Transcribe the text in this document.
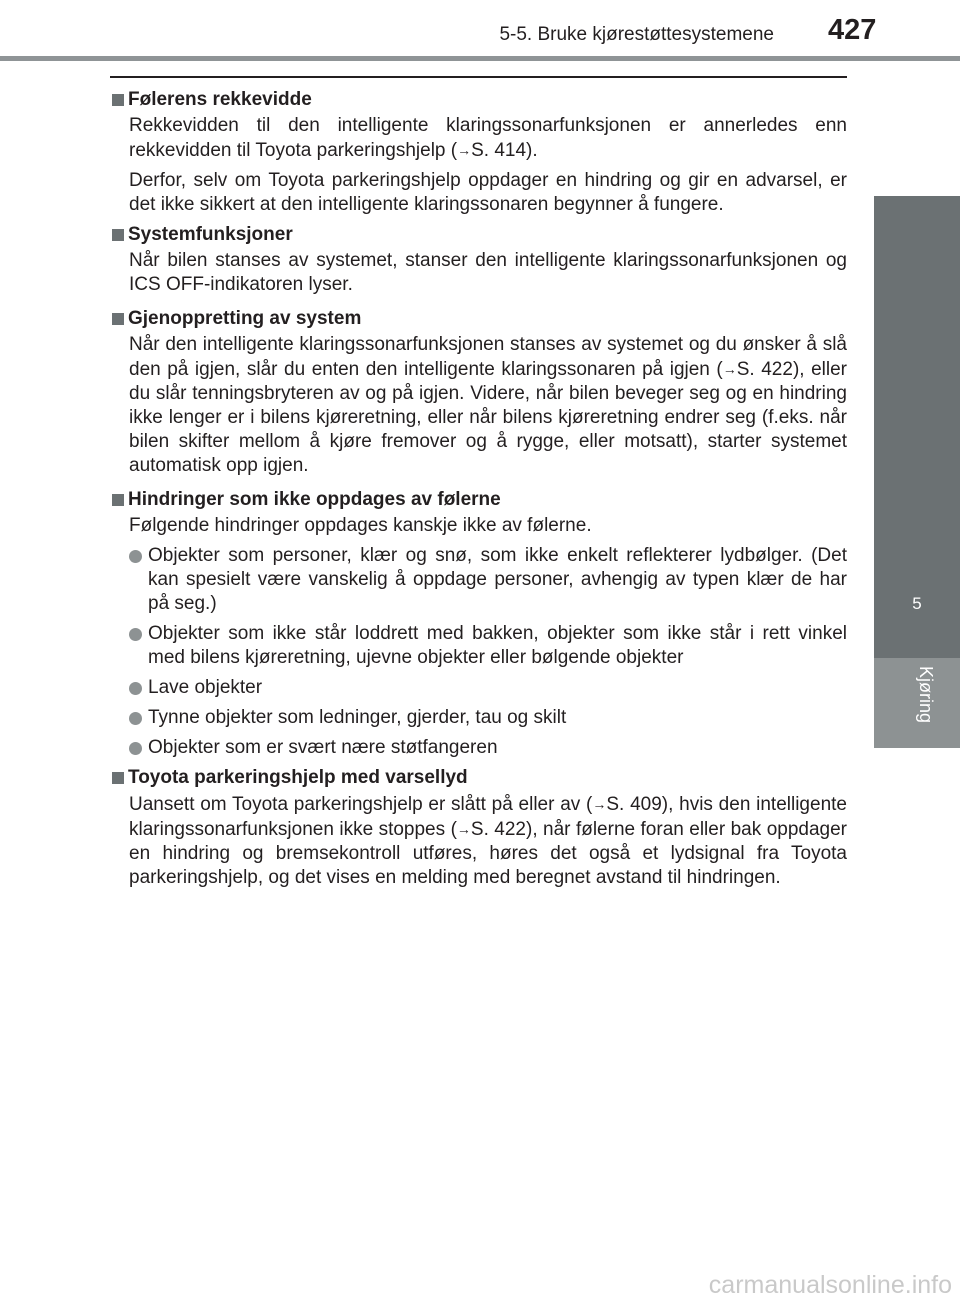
5-5. Bruke kjørestøttesystemene 427
5
Kjøring

Følerens rekkevidde

Rekkevidden til den intelligente klaringssonarfunksjonen er annerledes enn rekkevidden til Toyota parkeringshjelp (→S. 414).

Derfor, selv om Toyota parkeringshjelp oppdager en hindring og gir en advarsel, er det ikke sikkert at den intelligente klaringssonaren begynner å fungere.

Systemfunksjoner

Når bilen stanses av systemet, stanser den intelligente klaringssonarfunksjonen og ICS OFF-indikatoren lyser.

Gjenoppretting av system

Når den intelligente klaringssonarfunksjonen stanses av systemet og du ønsker å slå den på igjen, slår du enten den intelligente klaringssonaren på igjen (→S. 422), eller du slår tenningsbryteren av og på igjen. Videre, når bilen beveger seg og en hindring ikke lenger er i bilens kjøreretning, eller når bilens kjøreretning endrer seg (f.eks. når bilen skifter mellom å kjøre fremover og å rygge, eller motsatt), starter systemet automatisk opp igjen.

Hindringer som ikke oppdages av følerne

Følgende hindringer oppdages kanskje ikke av følerne.

Objekter som personer, klær og snø, som ikke enkelt reflekterer lydbølger. (Det kan spesielt være vanskelig å oppdage personer, avhengig av typen klær de har på seg.)
Objekter som ikke står loddrett med bakken, objekter som ikke står i rett vinkel med bilens kjøreretning, ujevne objekter eller bølgende objekter
Lave objekter
Tynne objekter som ledninger, gjerder, tau og skilt
Objekter som er svært nære støtfangeren

Toyota parkeringshjelp med varsellyd

Uansett om Toyota parkeringshjelp er slått på eller av (→S. 409), hvis den intelligente klaringssonarfunksjonen ikke stoppes (→S. 422), når følerne foran eller bak oppdager en hindring og bremsekontroll utføres, høres det også et lydsignal fra Toyota parkeringshjelp, og det vises en melding med beregnet avstand til hindringen.

carmanualsonline.info
